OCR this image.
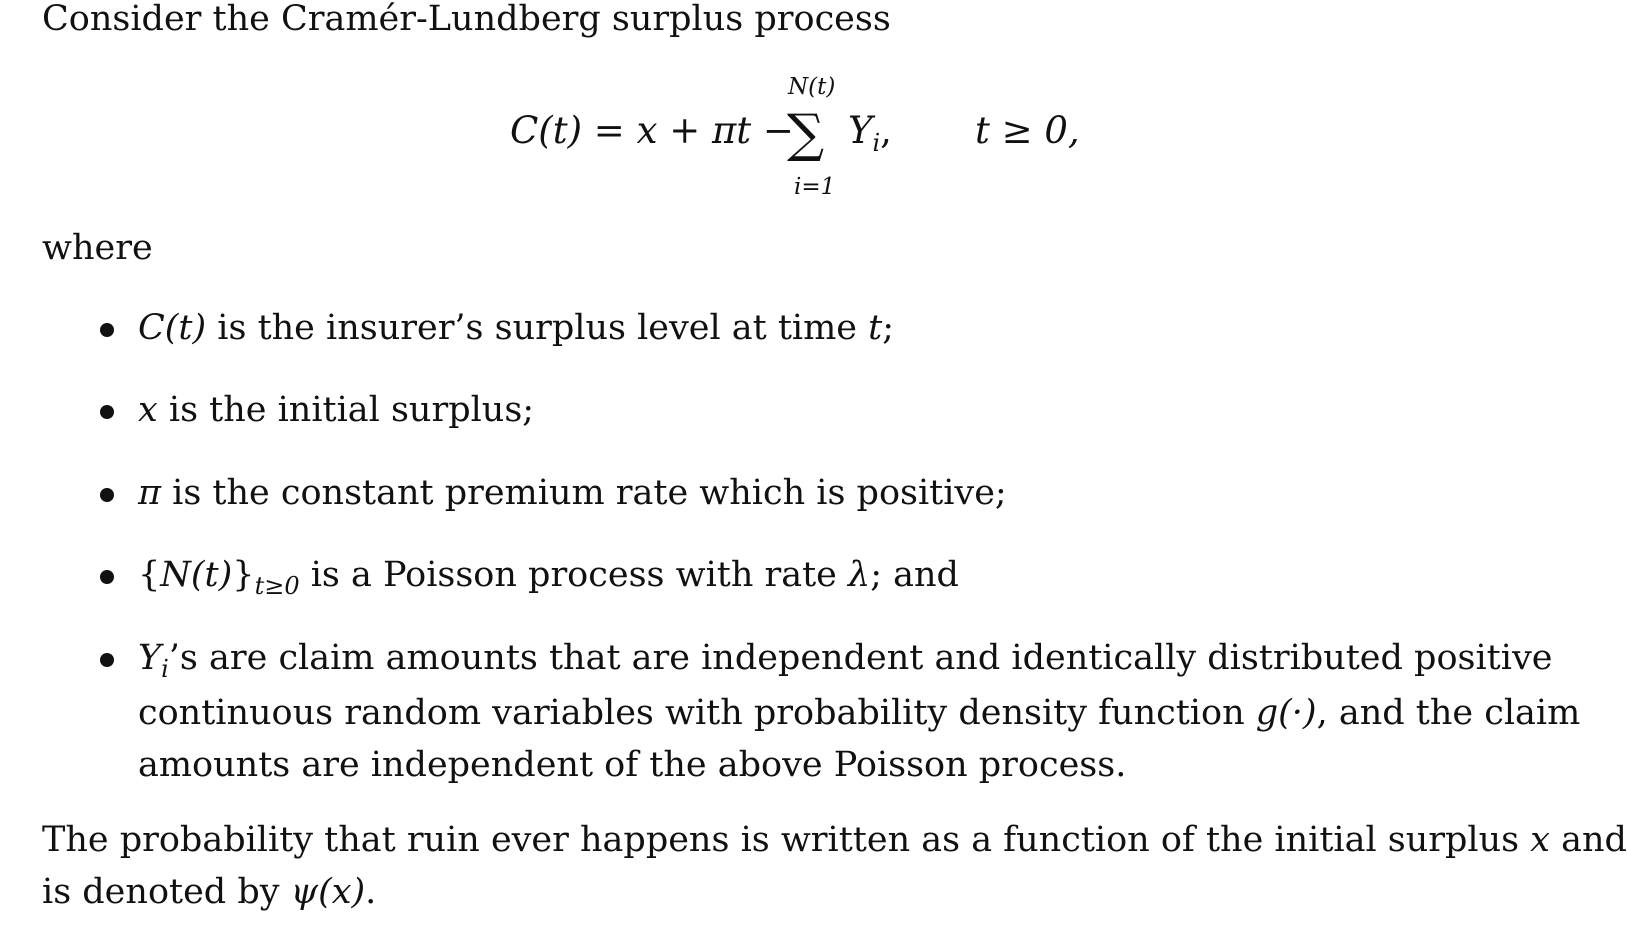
Consider the Cramér-Lundberg surplus process
C(t) = x + πt −
N(t)
∑
i=1
$Y_i$, t ≥ 0,
where
C(t) is the insurer’s surplus level at time t;
x is the initial surplus;
π is the constant premium rate which is positive;
$\{N(t)\}_{t\ge 0}$ is a Poisson process with rate λ; and
$Y_i’s$ are claim amounts that are independent and identically distributed positive
continuous random variables with probability density function g(·), and the claim
amounts are independent of the above Poisson process.
The probability that ruin ever happens is written as a function of the initial surplus x and
is denoted by ψ(x).
